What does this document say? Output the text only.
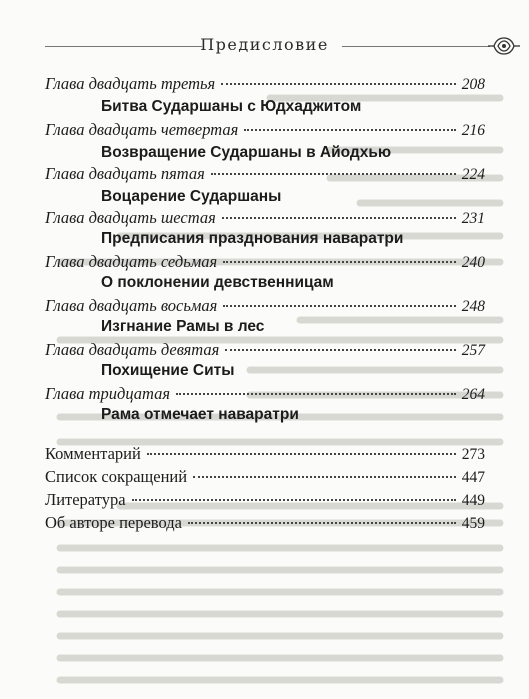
Предисловие
Глава двадцать третья	208
Битва Сударшаны с Юдхаджитом
Глава двадцать четвертая	216
Возвращение Сударшаны в Айодхью
Глава двадцать пятая	224
Воцарение Сударшаны
Глава двадцать шестая	231
Предписания празднования наваратри
Глава двадцать седьмая	240
О поклонении девственницам
Глава двадцать восьмая	248
Изгнание Рамы в лес
Глава двадцать девятая	257
Похищение Ситы
Глава тридцатая	264
Рама отмечает наваратри
Комментарий	273
Список сокращений	447
Литература	449
Об авторе перевода	459
